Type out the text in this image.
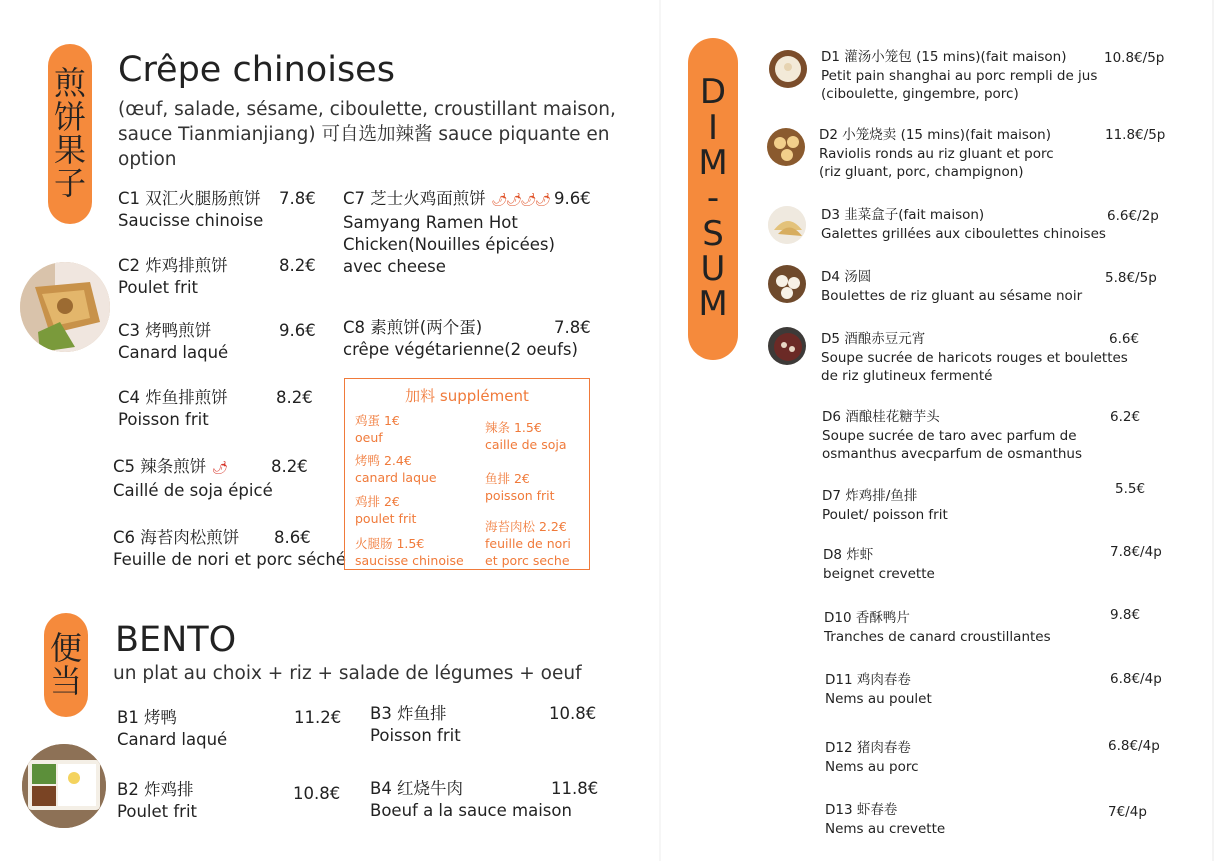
煎
饼
果
子
Crêpe chinoises
(œuf, salade, sésame, ciboulette, croustillant maison,
sauce Tianmianjiang) 可自选加辣酱 sauce piquante en
option
C1 双汇火腿肠煎饼 7.8€
Saucisse chinoise
C2 炸鸡排煎饼	8.2€
Poulet frit
C3 烤鸭煎饼	9.6€
Canard laqué
C4 炸鱼排煎饼	8.2€
Poisson frit
C5 辣条煎饼 🌶	8.2€
Caillé de soja épicé
C6 海苔肉松煎饼 8.6€
Feuille de nori et porc séché
C7 芝士火鸡面煎饼 🌶🌶🌶🌶 9.6€
Samyang Ramen Hot
Chicken(Nouilles épicées)
avec cheese
C8 素煎饼(两个蛋)	7.8€
crêpe végétarienne(2 oeufs)
加料 supplément
鸡蛋 1€
oeuf
烤鸭 2.4€
canard laque
鸡排 2€
poulet frit
火腿肠 1.5€
saucisse chinoise
辣条 1.5€
caille de soja
鱼排 2€
poisson frit
海苔肉松 2.2€
feuille de nori
et porc seche
便
当
BENTO
un plat au choix + riz + salade de légumes + oeuf
B1 烤鸭	11.2€
Canard laqué
B2 炸鸡排	10.8€
Poulet frit
B3 炸鱼排	10.8€
Poisson frit
B4 红烧牛肉	11.8€
Boeuf a la sauce maison
D
I
M
-
S
U
M
D1 灌汤小笼包 (15 mins)(fait maison)
Petit pain shanghai au porc rempli de jus
(ciboulette, gingembre, porc)
10.8€/5p
D2 小笼烧卖 (15 mins)(fait maison)
Raviolis ronds au riz gluant et porc
(riz gluant, porc, champignon)
11.8€/5p
D3 韭菜盒子(fait maison)
Galettes grillées aux ciboulettes chinoises
6.6€/2p
D4 汤圆
Boulettes de riz gluant au sésame noir
5.8€/5p
D5 酒酿赤豆元宵
Soupe sucrée de haricots rouges et boulettes
de riz glutineux fermenté
6.6€
D6 酒酿桂花糖芋头
Soupe sucrée de taro avec parfum de
osmanthus avecparfum de osmanthus
6.2€
D7 炸鸡排/鱼排
Poulet/ poisson frit
5.5€
D8 炸虾
beignet crevette
7.8€/4p
D10 香酥鸭片
Tranches de canard croustillantes
9.8€
D11 鸡肉春卷
Nems au poulet
6.8€/4p
D12 猪肉春卷
Nems au porc
6.8€/4p
D13 虾春卷
Nems au crevette
7€/4p
